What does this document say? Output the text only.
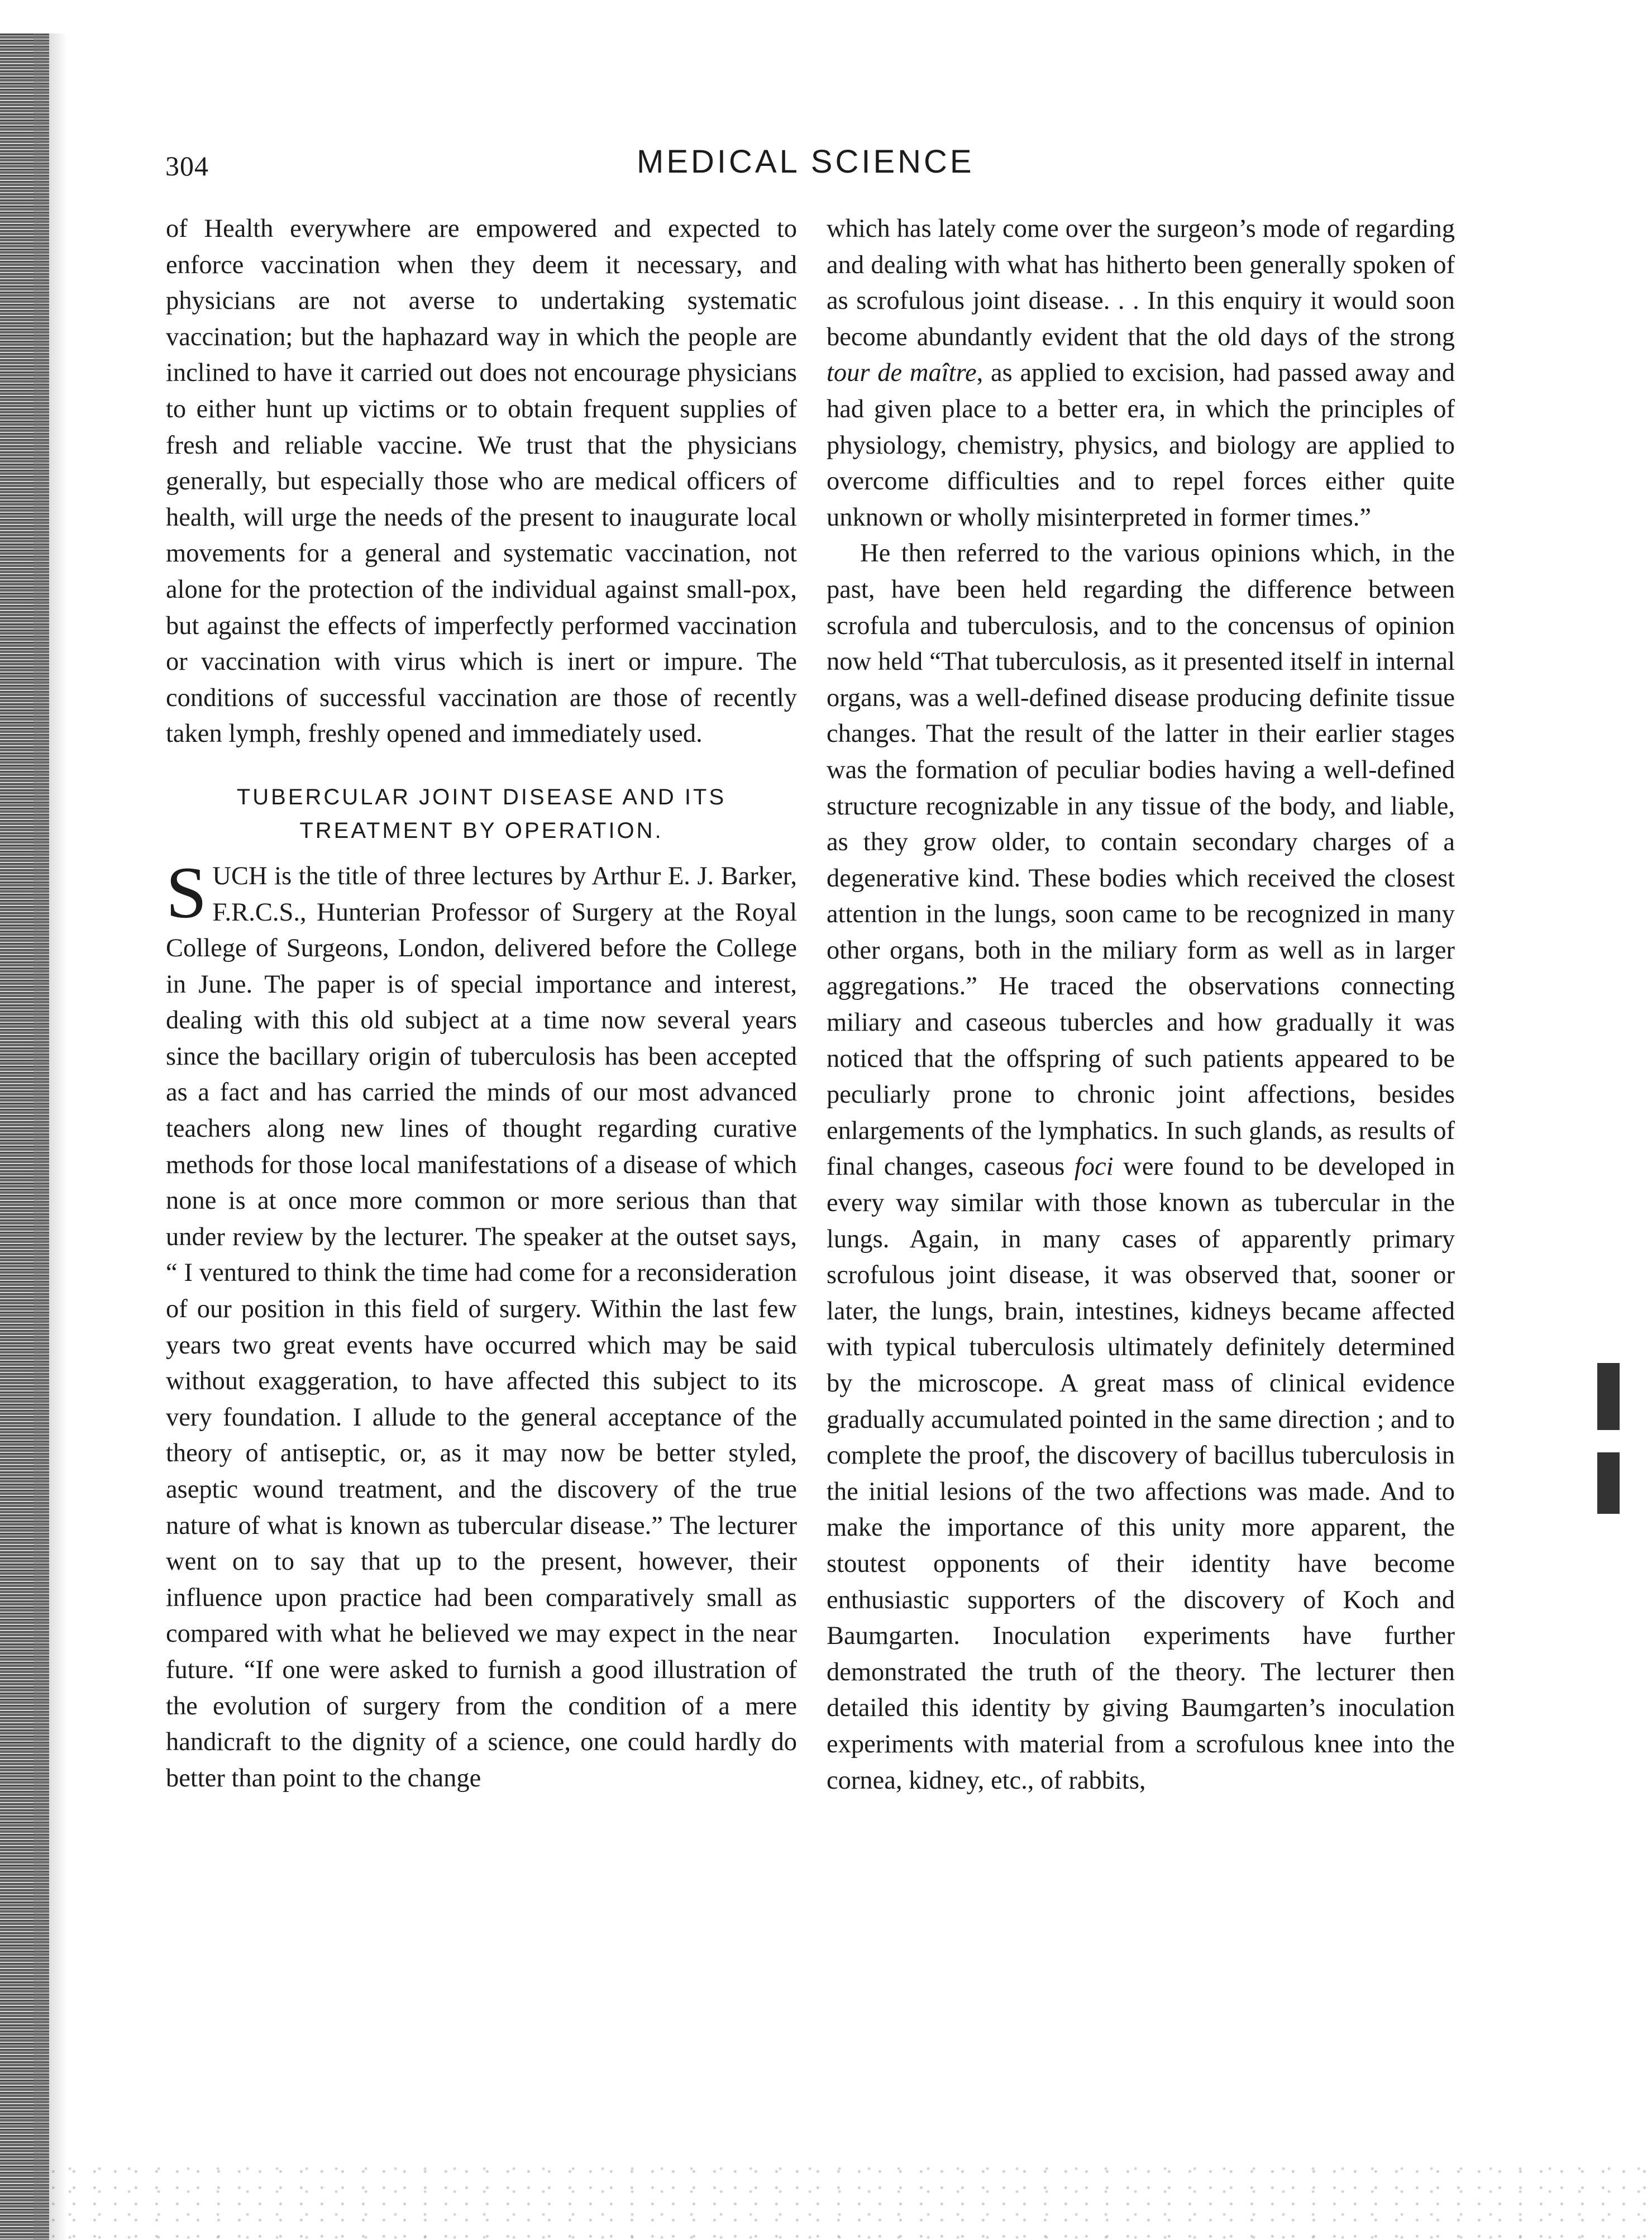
304	MEDICAL SCIENCE

of Health everywhere are empowered and expected to enforce vaccination when they deem it necessary, and physicians are not averse to undertaking systematic vaccination; but the haphazard way in which the people are inclined to have it carried out does not encourage physicians to either hunt up victims or to obtain frequent supplies of fresh and reliable vaccine. We trust that the physicians generally, but especially those who are medical officers of health, will urge the needs of the present to inaugurate local movements for a general and systematic vaccination, not alone for the protection of the individual against small-pox, but against the effects of imperfectly performed vaccination or vaccination with virus which is inert or impure. The conditions of successful vaccination are those of recently taken lymph, freshly opened and immediately used.

TUBERCULAR JOINT DISEASE AND ITS
TREATMENT BY OPERATION.

SUCH is the title of three lectures by Arthur E. J. Barker, F.R.C.S., Hunterian Professor of Surgery at the Royal College of Surgeons, London, delivered before the College in June. The paper is of special importance and interest, dealing with this old subject at a time now several years since the bacillary origin of tuberculosis has been accepted as a fact and has carried the minds of our most advanced teachers along new lines of thought regarding curative methods for those local manifestations of a disease of which none is at once more common or more serious than that under review by the lecturer. The speaker at the outset says, “ I ventured to think the time had come for a reconsideration of our position in this field of surgery. Within the last few years two great events have occurred which may be said without exaggeration, to have affected this subject to its very foundation. I allude to the general acceptance of the theory of antiseptic, or, as it may now be better styled, aseptic wound treatment, and the discovery of the true nature of what is known as tubercular disease.” The lecturer went on to say that up to the present, however, their influence upon practice had been comparatively small as compared with what he believed we may expect in the near future. “If one were asked to furnish a good illustration of the evolution of surgery from the condition of a mere handicraft to the dignity of a science, one could hardly do better than point to the change

which has lately come over the surgeon’s mode of regarding and dealing with what has hitherto been generally spoken of as scrofulous joint disease. . . In this enquiry it would soon become abundantly evident that the old days of the strong tour de maître, as applied to excision, had passed away and had given place to a better era, in which the principles of physiology, chemistry, physics, and biology are applied to overcome difficulties and to repel forces either quite unknown or wholly misinterpreted in former times.”

He then referred to the various opinions which, in the past, have been held regarding the difference between scrofula and tuberculosis, and to the concensus of opinion now held “That tuberculosis, as it presented itself in internal organs, was a well-defined disease producing definite tissue changes. That the result of the latter in their earlier stages was the formation of peculiar bodies having a well-defined structure recognizable in any tissue of the body, and liable, as they grow older, to contain secondary charges of a degenerative kind. These bodies which received the closest attention in the lungs, soon came to be recognized in many other organs, both in the miliary form as well as in larger aggregations.” He traced the observations connecting miliary and caseous tubercles and how gradually it was noticed that the offspring of such patients appeared to be peculiarly prone to chronic joint affections, besides enlargements of the lymphatics. In such glands, as results of final changes, caseous foci were found to be developed in every way similar with those known as tubercular in the lungs. Again, in many cases of apparently primary scrofulous joint disease, it was observed that, sooner or later, the lungs, brain, intestines, kidneys became affected with typical tuberculosis ultimately definitely determined by the microscope. A great mass of clinical evidence gradually accumulated pointed in the same direction ; and to complete the proof, the discovery of bacillus tuberculosis in the initial lesions of the two affections was made. And to make the importance of this unity more apparent, the stoutest opponents of their identity have become enthusiastic supporters of the discovery of Koch and Baumgarten. Inoculation experiments have further demonstrated the truth of the theory. The lecturer then detailed this identity by giving Baumgarten’s inoculation experiments with material from a scrofulous knee into the cornea, kidney, etc., of rabbits,
